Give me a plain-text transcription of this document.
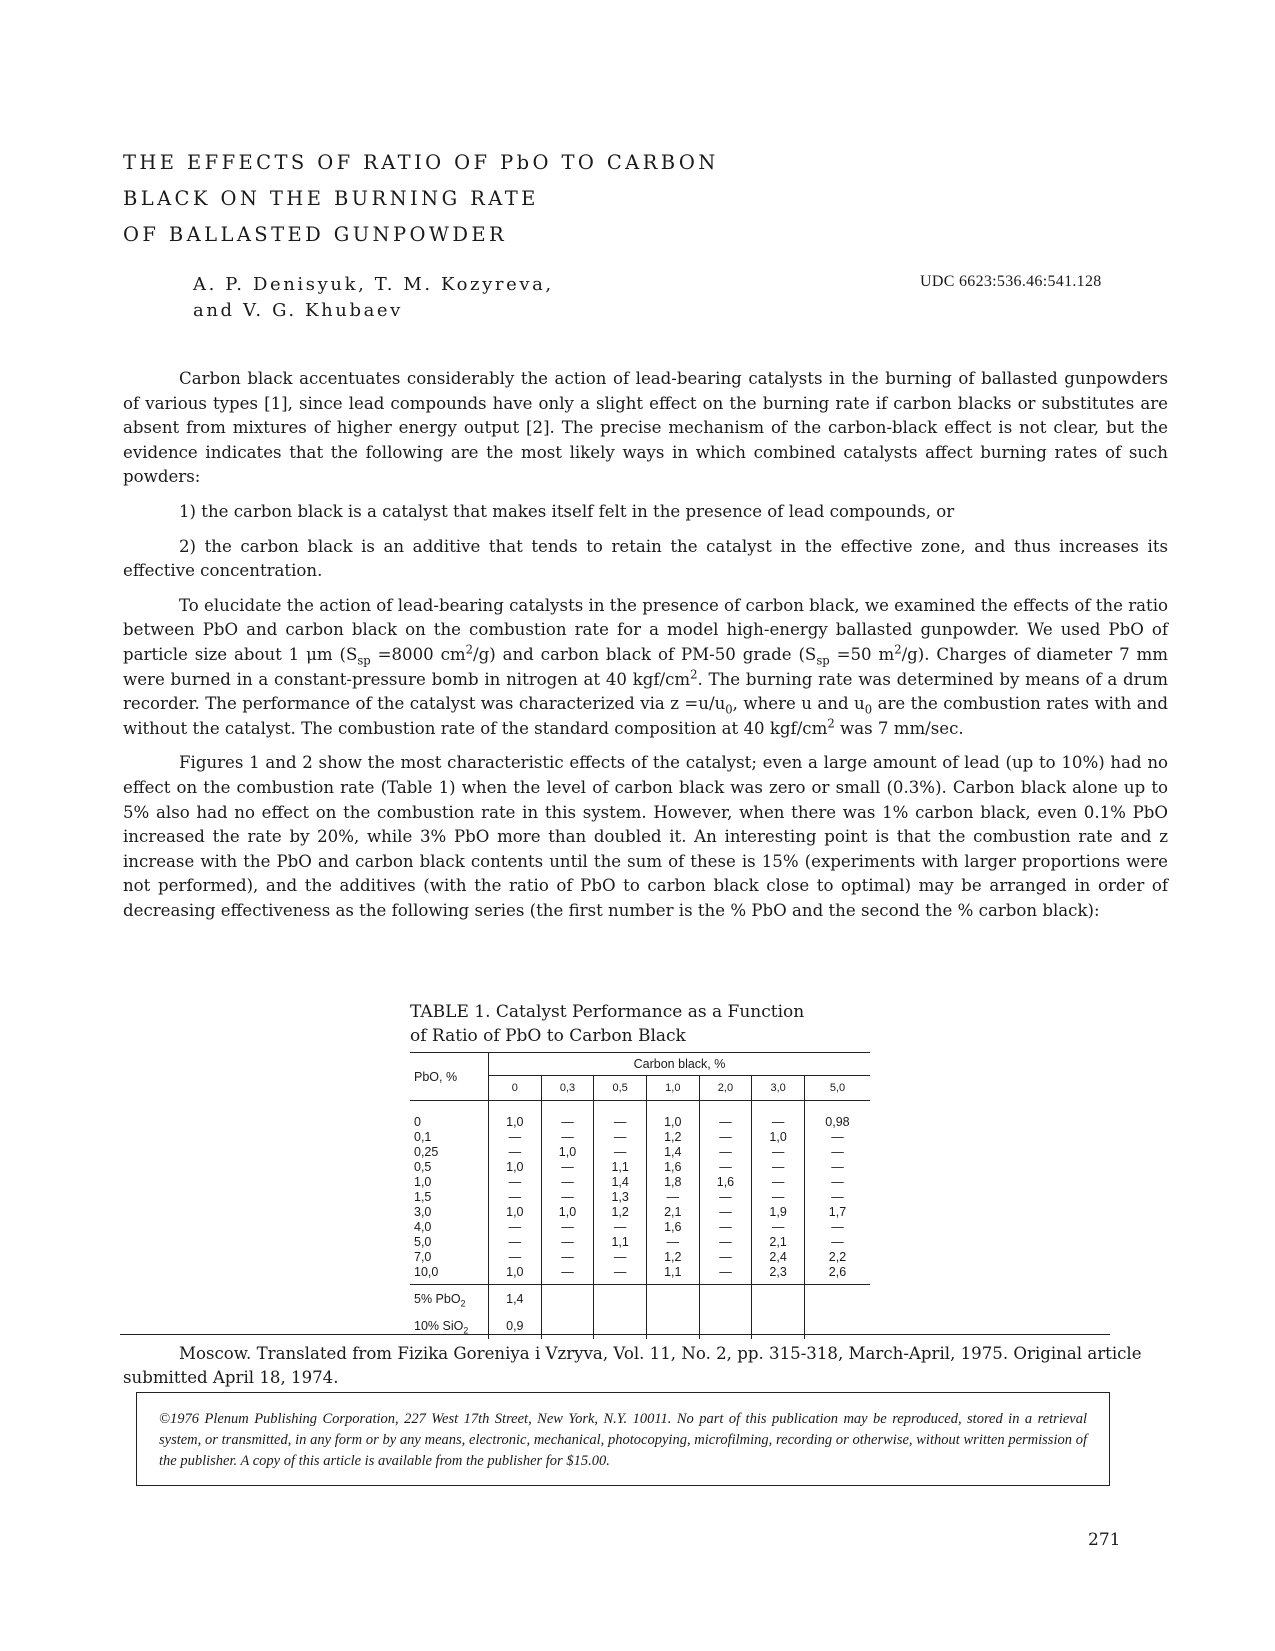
THE EFFECTS OF RATIO OF PbO TO CARBON
BLACK ON THE BURNING RATE
OF BALLASTED GUNPOWDER
A. P. Denisyuk, T. M. Kozyreva,
and V. G. Khubaev
UDC 6623:536.46:541.128

Carbon black accentuates considerably the action of lead-bearing catalysts in the burning of ballasted gunpowders of various types [1], since lead compounds have only a slight effect on the burning rate if carbon blacks or substitutes are absent from mixtures of higher energy output [2]. The precise mechanism of the carbon-black effect is not clear, but the evidence indicates that the following are the most likely ways in which combined catalysts affect burning rates of such powders:

1) the carbon black is a catalyst that makes itself felt in the presence of lead compounds, or

2) the carbon black is an additive that tends to retain the catalyst in the effective zone, and thus increases its effective concentration.

To elucidate the action of lead-bearing catalysts in the presence of carbon black, we examined the effects of the ratio between PbO and carbon black on the combustion rate for a model high-energy ballasted gunpowder. We used PbO of particle size about 1 μm ($S_{sp} =8000$ $cm^2/g$) and carbon black of PM-50 grade ($S_{sp} =50$ $m^2/g$). Charges of diameter 7 mm were burned in a constant-pressure bomb in nitrogen at 40 kgf/$cm^2$. The burning rate was determined by means of a drum recorder. The performance of the catalyst was characterized via $z =u/u_0$, where u and $u_0$ are the combustion rates with and without the catalyst. The combustion rate of the standard composition at 40 kgf/$cm^2$ was 7 mm/sec.

Figures 1 and 2 show the most characteristic effects of the catalyst; even a large amount of lead (up to 10%) had no effect on the combustion rate (Table 1) when the level of carbon black was zero or small (0.3%). Carbon black alone up to 5% also had no effect on the combustion rate in this system. However, when there was 1% carbon black, even 0.1% PbO increased the rate by 20%, while 3% PbO more than doubled it. An interesting point is that the combustion rate and z increase with the PbO and carbon black contents until the sum of these is 15% (experiments with larger proportions were not performed), and the additives (with the ratio of PbO to carbon black close to optimal) may be arranged in order of decreasing effectiveness as the following series (the first number is the % PbO and the second the % carbon black):

TABLE 1. Catalyst Performance as a Function
of Ratio of PbO to Carbon Black
PbO, %	Carbon black, %						
	0	0,3	0,5	1,0	2,0	3,0	5,0
0	1,0	—	—	1,0	—	—	0,98
0,1	—	—	—	1,2	—	1,0	—
0,25	—	1,0	—	1,4	—	—	—
0,5	1,0	—	1,1	1,6	—	—	—
1,0	—	—	1,4	1,8	1,6	—	—
1,5	—	—	1,3	—	—	—	—
3,0	1,0	1,0	1,2	2,1	—	1,9	1,7
4,0	—	—	—	1,6	—	—	—
5,0	—	—	1,1	—	—	2,1	—
7,0	—	—	—	1,2	—	2,4	2,2
10,0	1,0	—	—	1,1	—	2,3	2,6
5% PbO$_2$	1,4						
10% SiO$_2$	0,9						

Moscow. Translated from Fizika Goreniya i Vzryva, Vol. 11, No. 2, pp. 315-318, March-April, 1975. Original article submitted April 18, 1974.

©1976 Plenum Publishing Corporation, 227 West 17th Street, New York, N.Y. 10011. No part of this publication may be reproduced, stored in a retrieval system, or transmitted, in any form or by any means, electronic, mechanical, photocopying, microfilming, recording or otherwise, without written permission of the publisher. A copy of this article is available from the publisher for $15.00.

271
